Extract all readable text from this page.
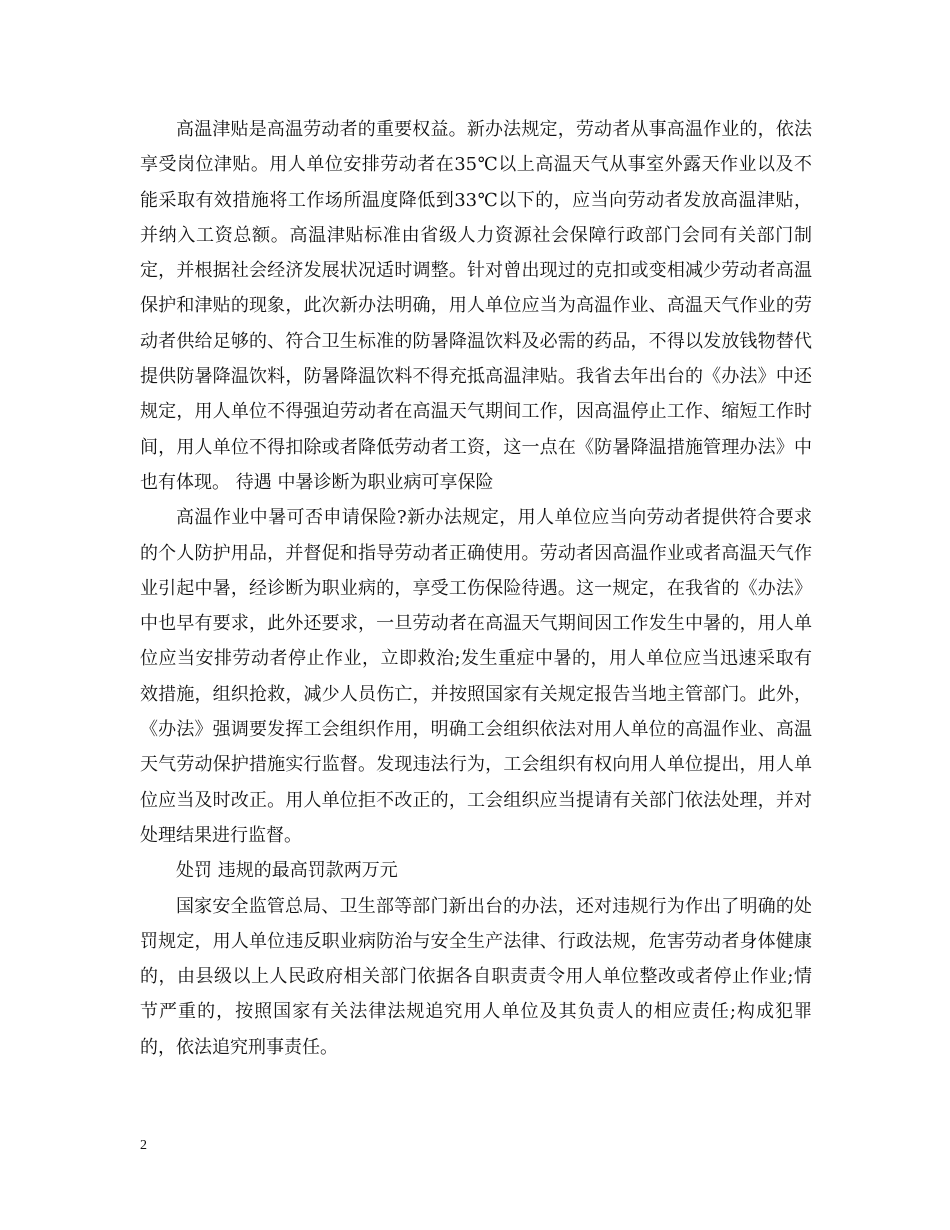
高温津贴是高温劳动者的重要权益。新办法规定，劳动者从事高温作业的，依法享受岗位津贴。用人单位安排劳动者在35℃以上高温天气从事室外露天作业以及不能采取有效措施将工作场所温度降低到33℃以下的，应当向劳动者发放高温津贴，并纳入工资总额。高温津贴标准由省级人力资源社会保障行政部门会同有关部门制定，并根据社会经济发展状况适时调整。针对曾出现过的克扣或变相减少劳动者高温保护和津贴的现象，此次新办法明确，用人单位应当为高温作业、高温天气作业的劳动者供给足够的、符合卫生标准的防暑降温饮料及必需的药品，不得以发放钱物替代提供防暑降温饮料，防暑降温饮料不得充抵高温津贴。我省去年出台的《办法》中还规定，用人单位不得强迫劳动者在高温天气期间工作，因高温停止工作、缩短工作时间，用人单位不得扣除或者降低劳动者工资，这一点在《防暑降温措施管理办法》中也有体现。 待遇 中暑诊断为职业病可享保险

高温作业中暑可否申请保险?新办法规定，用人单位应当向劳动者提供符合要求的个人防护用品，并督促和指导劳动者正确使用。劳动者因高温作业或者高温天气作业引起中暑，经诊断为职业病的，享受工伤保险待遇。这一规定，在我省的《办法》中也早有要求，此外还要求，一旦劳动者在高温天气期间因工作发生中暑的，用人单位应当安排劳动者停止作业，立即救治;发生重症中暑的，用人单位应当迅速采取有效措施，组织抢救，减少人员伤亡，并按照国家有关规定报告当地主管部门。此外，《办法》强调要发挥工会组织作用，明确工会组织依法对用人单位的高温作业、高温天气劳动保护措施实行监督。发现违法行为，工会组织有权向用人单位提出，用人单位应当及时改正。用人单位拒不改正的，工会组织应当提请有关部门依法处理，并对处理结果进行监督。

处罚 违规的最高罚款两万元

国家安全监管总局、卫生部等部门新出台的办法，还对违规行为作出了明确的处罚规定，用人单位违反职业病防治与安全生产法律、行政法规，危害劳动者身体健康的，由县级以上人民政府相关部门依据各自职责责令用人单位整改或者停止作业;情节严重的，按照国家有关法律法规追究用人单位及其负责人的相应责任;构成犯罪的，依法追究刑事责任。

2
